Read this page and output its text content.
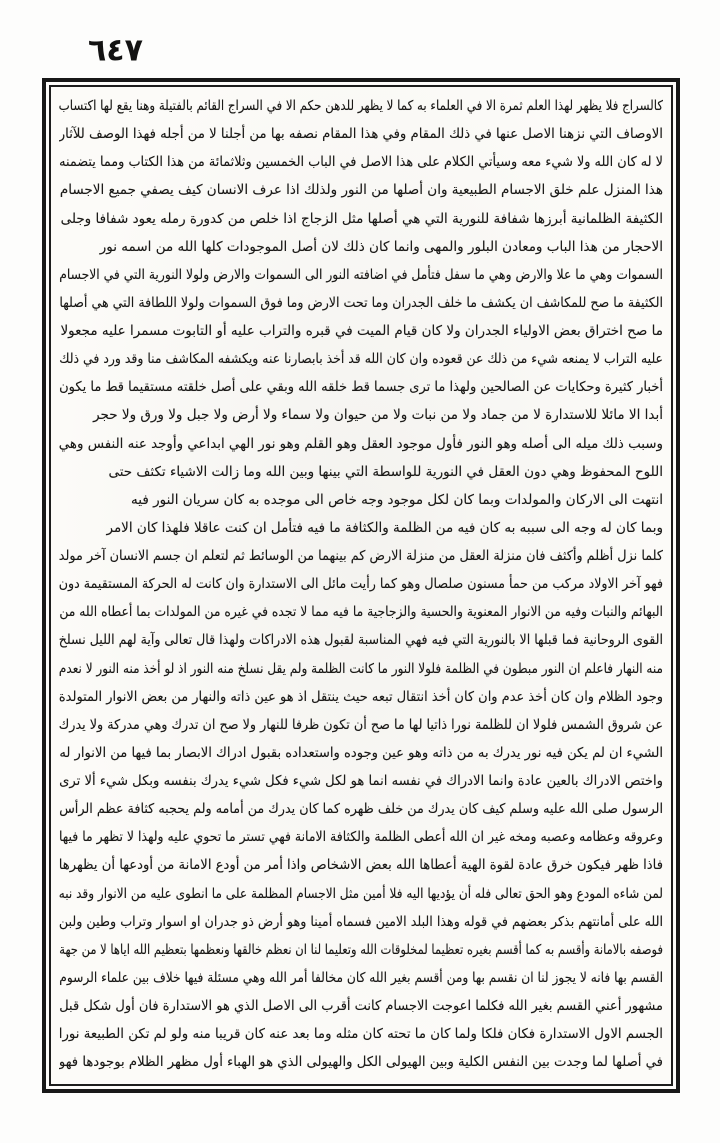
٦٤٧
كالسراج فلا يظهر لهذا العلم ثمرة الا في العلماء به كما لا يظهر للدهن حكم الا في السراج القائم بالفتيلة وهنا يقع لها اكتساب
الاوصاف التي نزهنا الاصل عنها في ذلك المقام وفي هذا المقام نصفه بها من أجلنا لا من أجله فهذا الوصف للآثار
لا له كان الله ولا شيء معه وسيأتي الكلام على هذا الاصل في الباب الخمسين وثلاثمائة من هذا الكتاب ومما يتضمنه
هذا المنزل علم خلق الاجسام الطبيعية وان أصلها من النور ولذلك اذا عرف الانسان كيف يصفي جميع الاجسام
الكثيفة الظلمانية أبرزها شفافة للنورية التي هي أصلها مثل الزجاج اذا خلص من كدورة رمله يعود شفافا وجلى
الاحجار من هذا الباب ومعادن البلور والمهى وانما كان ذلك لان أصل الموجودات كلها الله من اسمه نور
السموات وهي ما علا والارض وهي ما سفل فتأمل في اضافته النور الى السموات والارض ولولا النورية التي في الاجسام
الكثيفة ما صح للمكاشف ان يكشف ما خلف الجدران وما تحت الارض وما فوق السموات ولولا اللطافة التي هي أصلها
ما صح اختراق بعض الاولياء الجدران ولا كان قيام الميت في قبره والتراب عليه أو التابوت مسمرا عليه مجعولا
عليه التراب لا يمنعه شيء من ذلك عن قعوده وان كان الله قد أخذ بابصارنا عنه ويكشفه المكاشف منا وقد ورد في ذلك
أخبار كثيرة وحكايات عن الصالحين ولهذا ما ترى جسما قط خلقه الله وبقي على أصل خلقته مستقيما قط ما يكون
أبدا الا مائلا للاستدارة لا من جماد ولا من نبات ولا من حيوان ولا سماء ولا أرض ولا جبل ولا ورق ولا حجر
وسبب ذلك ميله الى أصله وهو النور فأول موجود العقل وهو القلم وهو نور الهي ابداعي وأوجد عنه النفس وهي
اللوح المحفوظ وهي دون العقل في النورية للواسطة التي بينها وبين الله وما زالت الاشياء تكثف حتى
انتهت الى الاركان والمولدات وبما كان لكل موجود وجه خاص الى موجده به كان سريان النور فيه
وبما كان له وجه الى سببه به كان فيه من الظلمة والكثافة ما فيه فتأمل ان كنت عاقلا فلهذا كان الامر
كلما نزل أظلم وأكثف فان منزلة العقل من منزلة الارض كم بينهما من الوسائط ثم لتعلم ان جسم الانسان آخر مولد
فهو آخر الاولاد مركب من حمأ مسنون صلصال وهو كما رأيت مائل الى الاستدارة وان كانت له الحركة المستقيمة دون
البهائم والنبات وفيه من الانوار المعنوية والحسية والزجاجية ما فيه مما لا تجده في غيره من المولدات بما أعطاه الله من
القوى الروحانية فما قبلها الا بالنورية التي فيه فهي المناسبة لقبول هذه الادراكات ولهذا قال تعالى وآية لهم الليل نسلخ
منه النهار فاعلم ان النور مبطون في الظلمة فلولا النور ما كانت الظلمة ولم يقل نسلخ منه النور اذ لو أخذ منه النور لا نعدم
وجود الظلام وان كان أخذ عدم وان كان أخذ انتقال تبعه حيث ينتقل اذ هو عين ذاته والنهار من بعض الانوار المتولدة
عن شروق الشمس فلولا ان للظلمة نورا ذاتيا لها ما صح أن تكون ظرفا للنهار ولا صح ان تدرك وهي مدركة ولا يدرك
الشيء ان لم يكن فيه نور يدرك به من ذاته وهو عين وجوده واستعداده بقبول ادراك الابصار بما فيها من الانوار له
واختص الادراك بالعين عادة وانما الادراك في نفسه انما هو لكل شيء فكل شيء يدرك بنفسه وبكل شيء ألا ترى
الرسول صلى الله عليه وسلم كيف كان يدرك من خلف ظهره كما كان يدرك من أمامه ولم يحجبه كثافة عظم الرأس
وعروقه وعظامه وعصبه ومخه غير ان الله أعطى الظلمة والكثافة الامانة فهي تستر ما تحوي عليه ولهذا لا تظهر ما فيها
فاذا ظهر فيكون خرق عادة لقوة الهية أعطاها الله بعض الاشخاص واذا أمر من أودع الامانة من أودعها أن يظهرها
لمن شاءه المودع وهو الحق تعالى فله أن يؤديها اليه فلا أمين مثل الاجسام المظلمة على ما انطوى عليه من الانوار وقد نبه
الله على أمانتهم بذكر بعضهم في قوله وهذا البلد الامين فسماه أمينا وهو أرض ذو جدران او اسوار وتراب وطين ولبن
فوصفه بالامانة وأقسم به كما أقسم بغيره تعظيما لمخلوقات الله وتعليما لنا ان نعظم خالقها ونعظمها بتعظيم الله اياها لا من جهة
القسم بها فانه لا يجوز لنا ان نقسم بها ومن أقسم بغير الله كان مخالفا أمر الله وهي مسئلة فيها خلاف بين علماء الرسوم
مشهور أعني القسم بغير الله فكلما اعوجت الاجسام كانت أقرب الى الاصل الذي هو الاستدارة فان أول شكل قبل
الجسم الاول الاستدارة فكان فلكا ولما كان ما تحته كان مثله وما بعد عنه كان قريبا منه ولو لم تكن الطبيعة نورا
في أصلها لما وجدت بين النفس الكلية وبين الهيولى الكل والهيولى الذي هو الهباء أول مظهر الظلام بوجودها فهو
